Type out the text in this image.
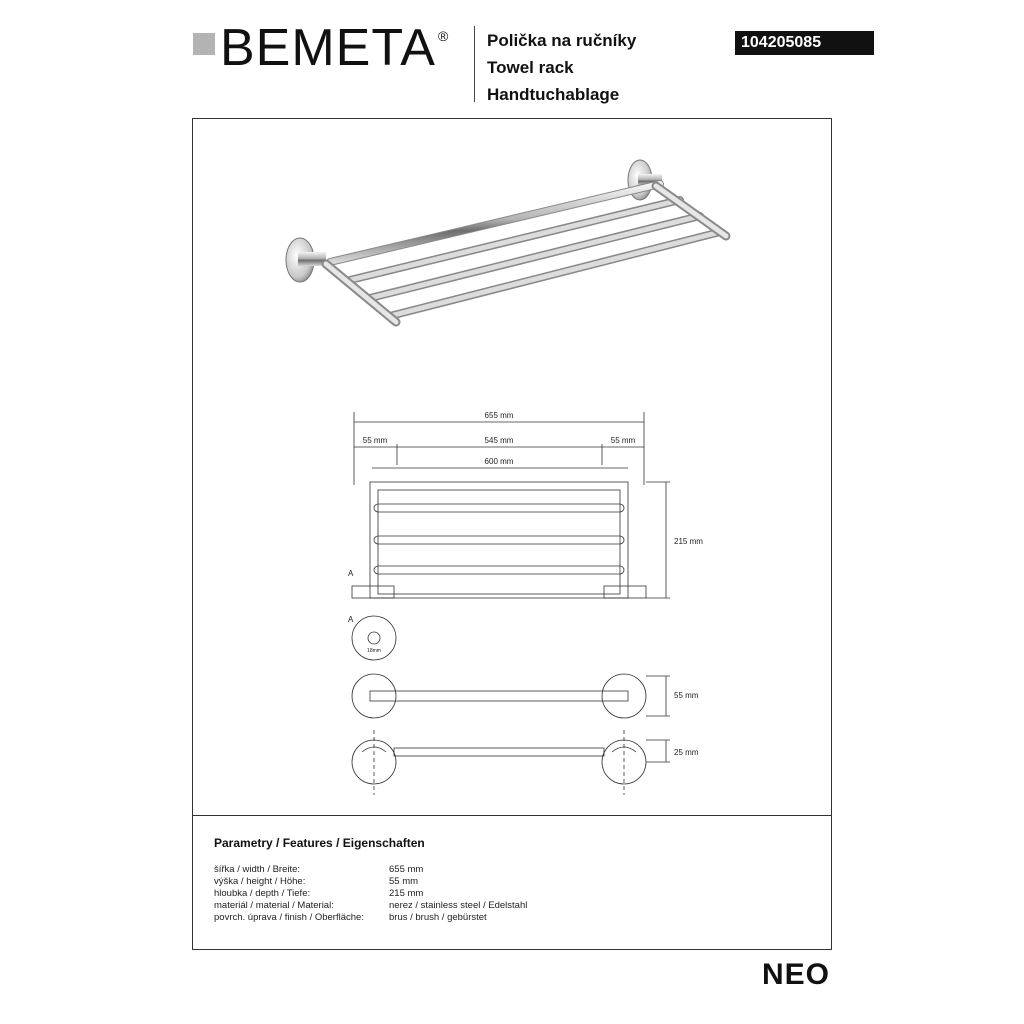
BEMETA ® Polička na ručníky
Towel rack
Handtuchablage
104205085
655 mm
55 mm	545 mm	55 mm
600 mm
215 mm
A
A
18mm
55 mm
25 mm
Parametry / Features / Eigenschaften
šířka / width / Breite:	655 mm
výška / height / Höhe:	55 mm
hloubka / depth / Tiefe:	215 mm
materiál / material / Material:	nerez / stainless steel / Edelstahl
povrch. úprava / finish / Oberfläche:	brus / brush / gebürstet
NEO
